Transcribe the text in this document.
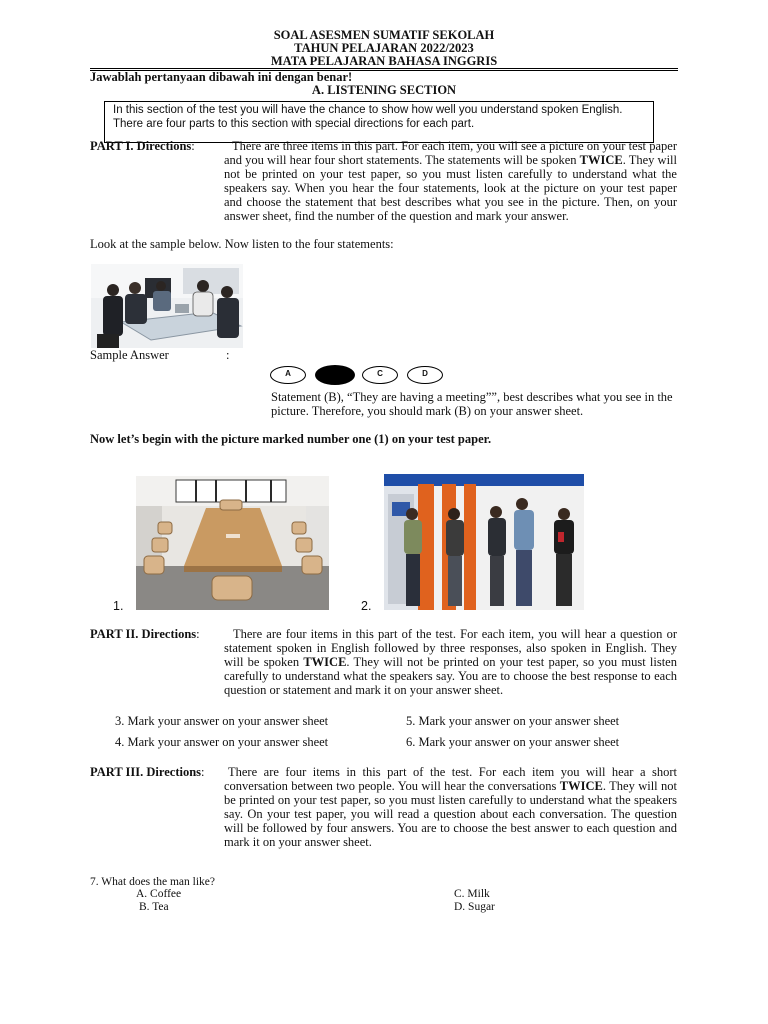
SOAL ASESMEN SUMATIF SEKOLAH
TAHUN PELAJARAN 2022/2023
MATA PELAJARAN BAHASA INGGRIS
Jawablah pertanyaan dibawah ini dengan benar!
A. LISTENING SECTION
In this section of the test you will have the chance to show how well you understand spoken English. There are four parts to this section with special directions for each part.
PART I. Directions:	There are three items in this part. For each item, you will see a picture on your test paper and you will hear four short statements. The statements will be spoken TWICE. They will not be printed on your test paper, so you must listen carefully to understand what the speakers say. When you hear the four statements, look at the picture on your test paper and choose the statement that best describes what you see in the picture. Then, on your answer sheet, find the number of the question and mark your answer.
Look at the sample below. Now listen to the four statements:
Sample Answer	:
A	B	C	D
Statement (B), “They are having a meeting””, best describes what you see in the picture. Therefore, you should mark (B) on your answer sheet.
Now let’s begin with the picture marked number one (1) on your test paper.
1.	2.
PART II. Directions:	There are four items in this part of the test. For each item, you will hear a question or statement spoken in English followed by three responses, also spoken in English. They will be spoken TWICE. They will not be printed on your test paper, so you must listen carefully to understand what the speakers say. You are to choose the best response to each question or statement and mark it on your answer sheet.
3. Mark your answer on your answer sheet	5. Mark your answer on your answer sheet
4. Mark your answer on your answer sheet	6. Mark your answer on your answer sheet
PART III. Directions:	There are four items in this part of the test. For each item you will hear a short conversation between two people. You will hear the conversations TWICE. They will not be printed on your test paper, so you must listen carefully to understand what the speakers say. On your test paper, you will read a question about each conversation. The question will be followed by four answers. You are to choose the best answer to each question and mark it on your answer sheet.
7. What does the man like?
A. Coffee
B. Tea
C. Milk
D. Sugar
